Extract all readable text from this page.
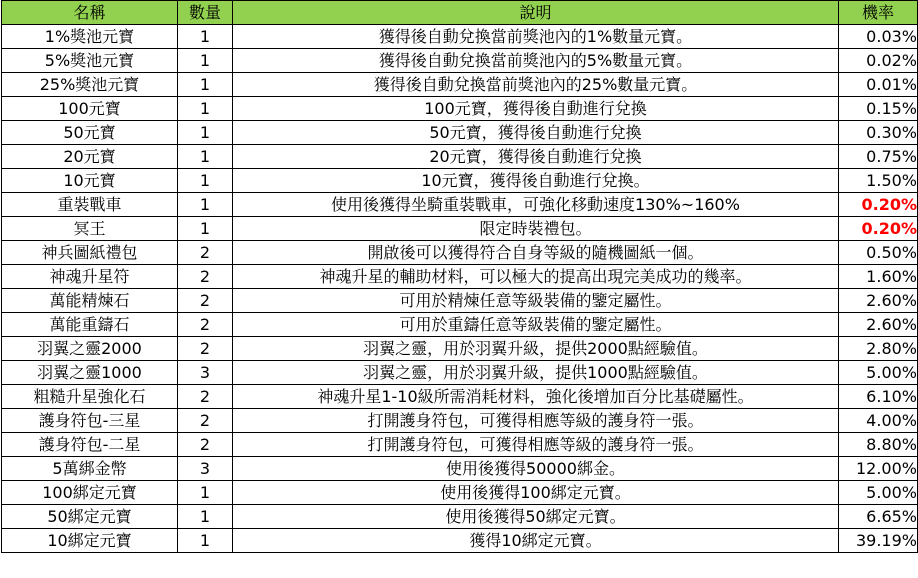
名稱	數量	說明	機率
1%獎池元寶	1	獲得後自動兌換當前獎池內的1%數量元寶。	0.03%
5%獎池元寶	1	獲得後自動兌換當前獎池內的5%數量元寶。	0.02%
25%獎池元寶	1	獲得後自動兌換當前獎池內的25%數量元寶。	0.01%
100元寶	1	100元寶，獲得後自動進行兌換	0.15%
50元寶	1	50元寶，獲得後自動進行兌換	0.30%
20元寶	1	20元寶，獲得後自動進行兌換	0.75%
10元寶	1	10元寶，獲得後自動進行兌換。	1.50%
重裝戰車	1	使用後獲得坐騎重裝戰車，可強化移動速度130%~160%	0.20%
冥王	1	限定時裝禮包。	0.20%
神兵圖紙禮包	2	開啟後可以獲得符合自身等級的隨機圖紙一個。	0.50%
神魂升星符	2	神魂升星的輔助材料，可以極大的提高出現完美成功的幾率。	1.60%
萬能精煉石	2	可用於精煉任意等級裝備的鑒定屬性。	2.60%
萬能重鑄石	2	可用於重鑄任意等級裝備的鑒定屬性。	2.60%
羽翼之靈2000	2	羽翼之靈，用於羽翼升級，提供2000點經驗值。	2.80%
羽翼之靈1000	3	羽翼之靈，用於羽翼升級，提供1000點經驗值。	5.00%
粗糙升星強化石	2	神魂升星1-10級所需消耗材料，強化後增加百分比基礎屬性。	6.10%
護身符包-三星	2	打開護身符包，可獲得相應等級的護身符一張。	4.00%
護身符包-二星	2	打開護身符包，可獲得相應等級的護身符一張。	8.80%
5萬綁金幣	3	使用後獲得50000綁金。	12.00%
100綁定元寶	1	使用後獲得100綁定元寶。	5.00%
50綁定元寶	1	使用後獲得50綁定元寶。	6.65%
10綁定元寶	1	獲得10綁定元寶。	39.19%
